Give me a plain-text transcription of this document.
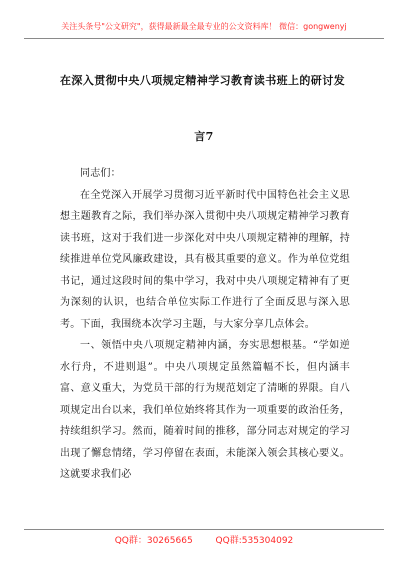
关注头条号"公文研究"，获得最新最全最专业的公文资料库！ 微信：gongwenyj
在深入贯彻中央八项规定精神学习教育读书班上的研讨发
言7

同志们：

在全党深入开展学习贯彻习近平新时代中国特色社会主义思想主题教育之际，我们举办深入贯彻中央八项规定精神学习教育读书班，这对于我们进一步深化对中央八项规定精神的理解，持续推进单位党风廉政建设，具有极其重要的意义。作为单位党组书记，通过这段时间的集中学习，我对中央八项规定精神有了更为深刻的认识，也结合单位实际工作进行了全面反思与深入思考。下面，我围绕本次学习主题，与大家分享几点体会。

一、领悟中央八项规定精神内涵，夯实思想根基。“学如逆水行舟，不进则退”。中央八项规定虽然篇幅不长，但内涵丰富、意义重大，为党员干部的行为规范划定了清晰的界限。自八项规定出台以来，我们单位始终将其作为一项重要的政治任务，持续组织学习。然而，随着时间的推移，部分同志对规定的学习出现了懈怠情绪，学习停留在表面，未能深入领会其核心要义。这就要求我们必

QQ群：30265665	QQ群:535304092
